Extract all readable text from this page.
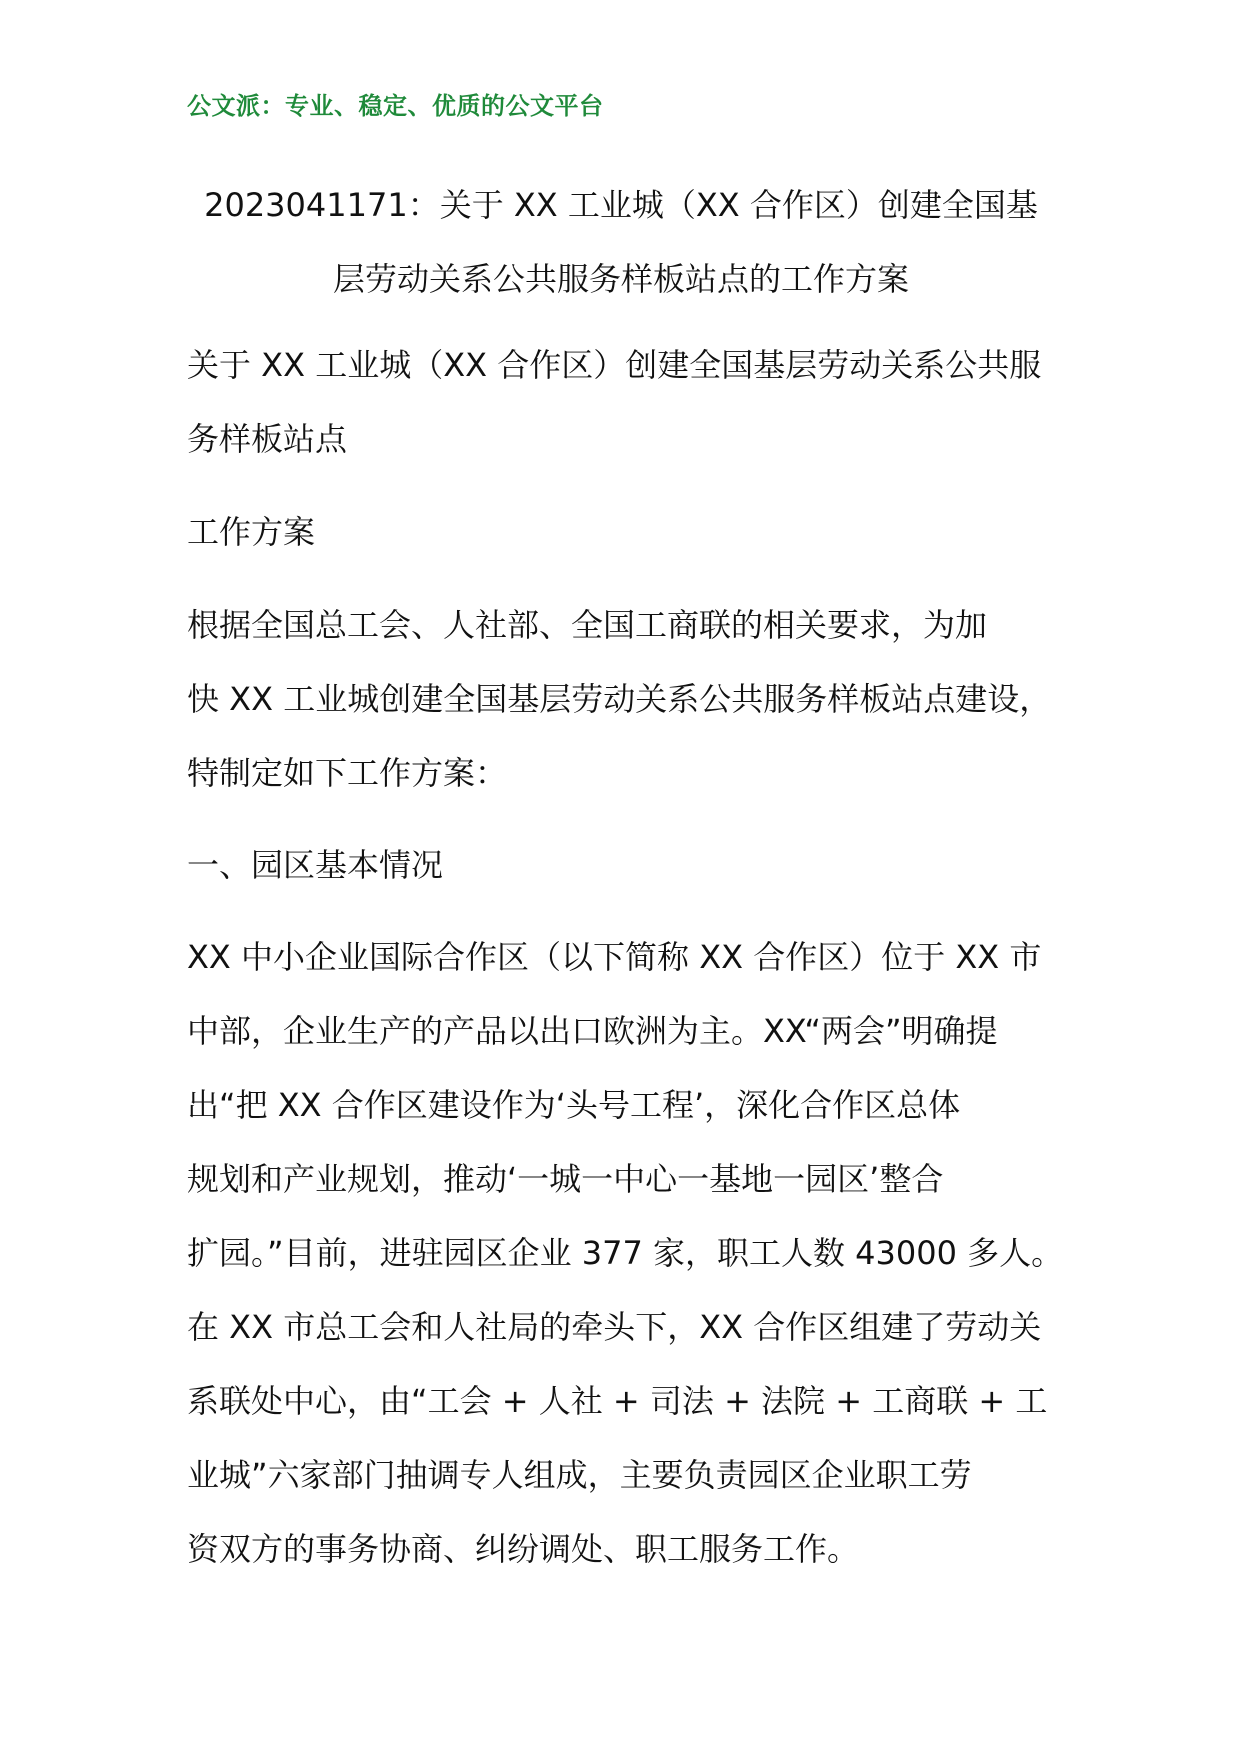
公文派：专业、稳定、优质的公文平台
2023041171：关于 XX 工业城（XX 合作区）创建全国基
层劳动关系公共服务样板站点的工作方案
关于 XX 工业城（XX 合作区）创建全国基层劳动关系公共服
务样板站点
工作方案
根据全国总工会、人社部、全国工商联的相关要求，为加
快 XX 工业城创建全国基层劳动关系公共服务样板站点建设，
特制定如下工作方案：
一、园区基本情况
XX 中小企业国际合作区（以下简称 XX 合作区）位于 XX 市
中部，企业生产的产品以出口欧洲为主。XX“两会”明确提
出“把 XX 合作区建设作为‘头号工程’，深化合作区总体
规划和产业规划，推动‘一城一中心一基地一园区’整合
扩园。”目前，进驻园区企业 377 家，职工人数 43000 多人。
在 XX 市总工会和人社局的牵头下，XX 合作区组建了劳动关
系联处中心，由“工会 + 人社 + 司法 + 法院 + 工商联 + 工
业城”六家部门抽调专人组成，主要负责园区企业职工劳
资双方的事务协商、纠纷调处、职工服务工作。
